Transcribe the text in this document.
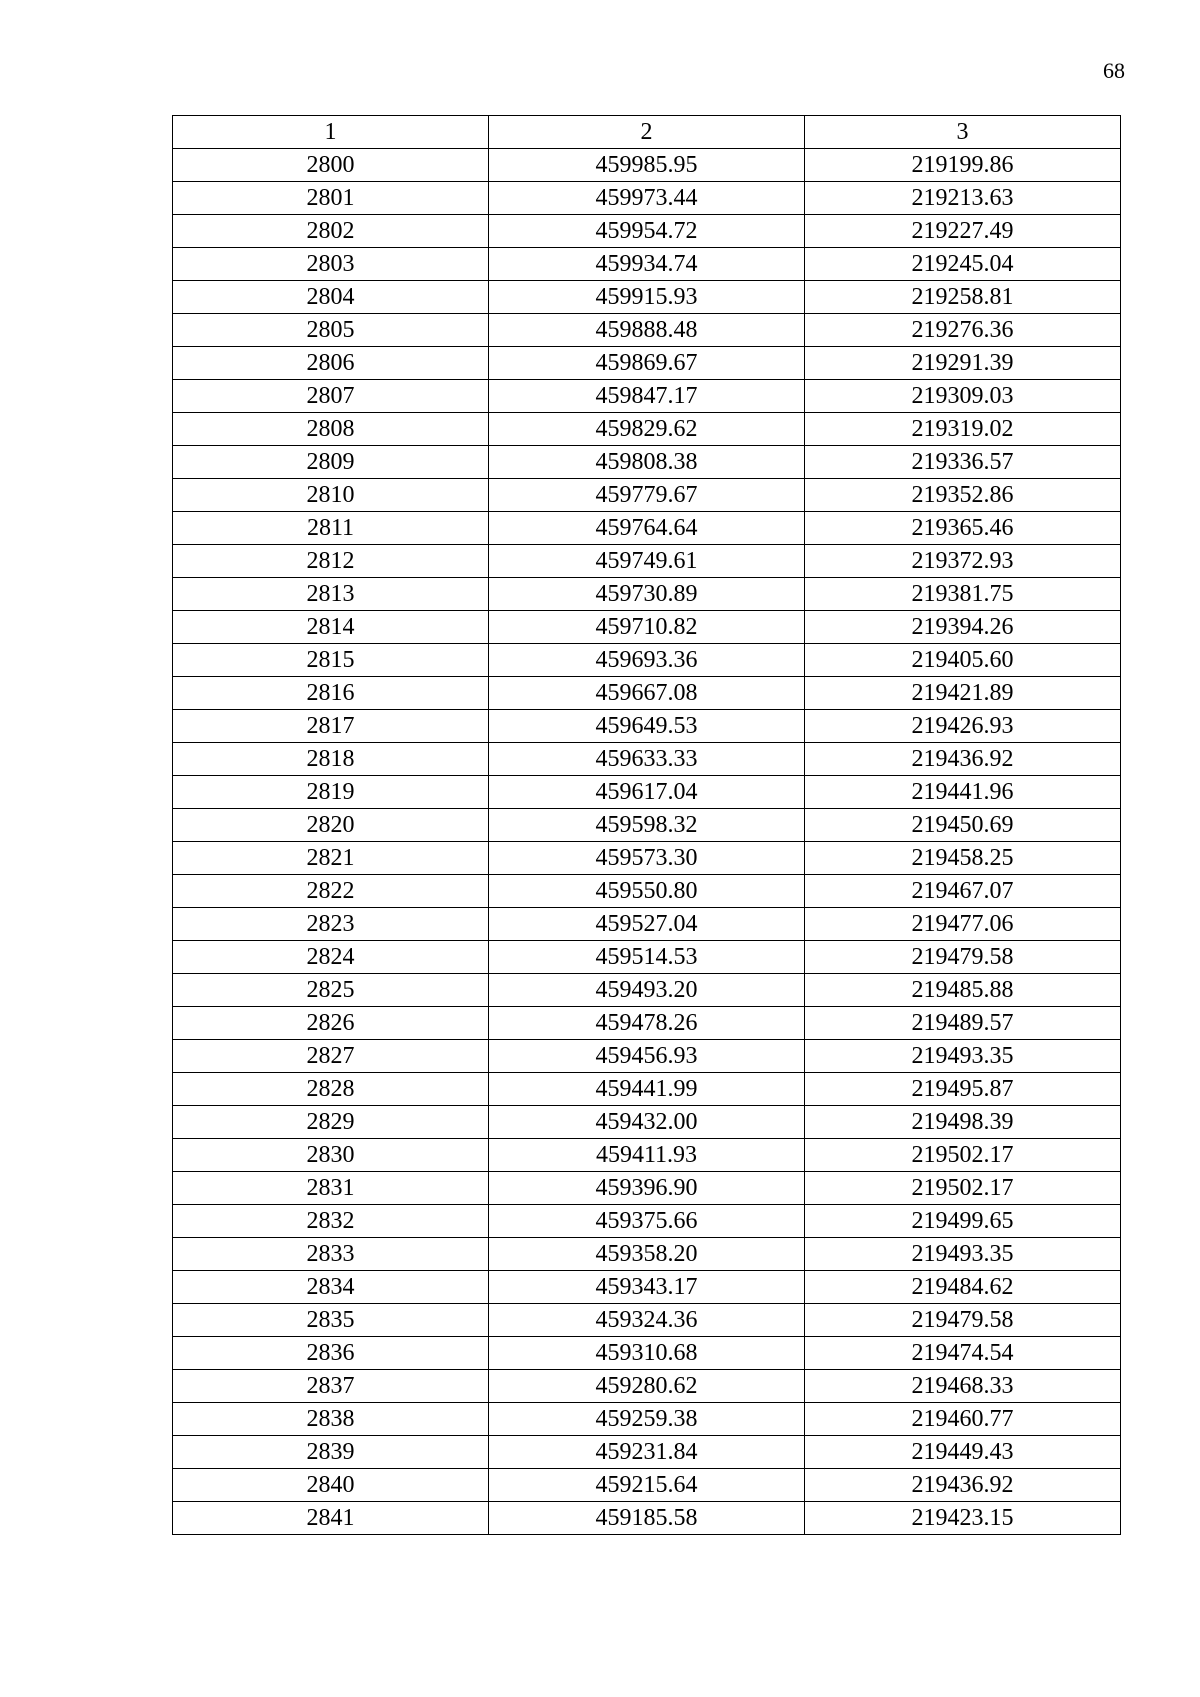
68
1	2	3
2800	459985.95	219199.86
2801	459973.44	219213.63
2802	459954.72	219227.49
2803	459934.74	219245.04
2804	459915.93	219258.81
2805	459888.48	219276.36
2806	459869.67	219291.39
2807	459847.17	219309.03
2808	459829.62	219319.02
2809	459808.38	219336.57
2810	459779.67	219352.86
2811	459764.64	219365.46
2812	459749.61	219372.93
2813	459730.89	219381.75
2814	459710.82	219394.26
2815	459693.36	219405.60
2816	459667.08	219421.89
2817	459649.53	219426.93
2818	459633.33	219436.92
2819	459617.04	219441.96
2820	459598.32	219450.69
2821	459573.30	219458.25
2822	459550.80	219467.07
2823	459527.04	219477.06
2824	459514.53	219479.58
2825	459493.20	219485.88
2826	459478.26	219489.57
2827	459456.93	219493.35
2828	459441.99	219495.87
2829	459432.00	219498.39
2830	459411.93	219502.17
2831	459396.90	219502.17
2832	459375.66	219499.65
2833	459358.20	219493.35
2834	459343.17	219484.62
2835	459324.36	219479.58
2836	459310.68	219474.54
2837	459280.62	219468.33
2838	459259.38	219460.77
2839	459231.84	219449.43
2840	459215.64	219436.92
2841	459185.58	219423.15
